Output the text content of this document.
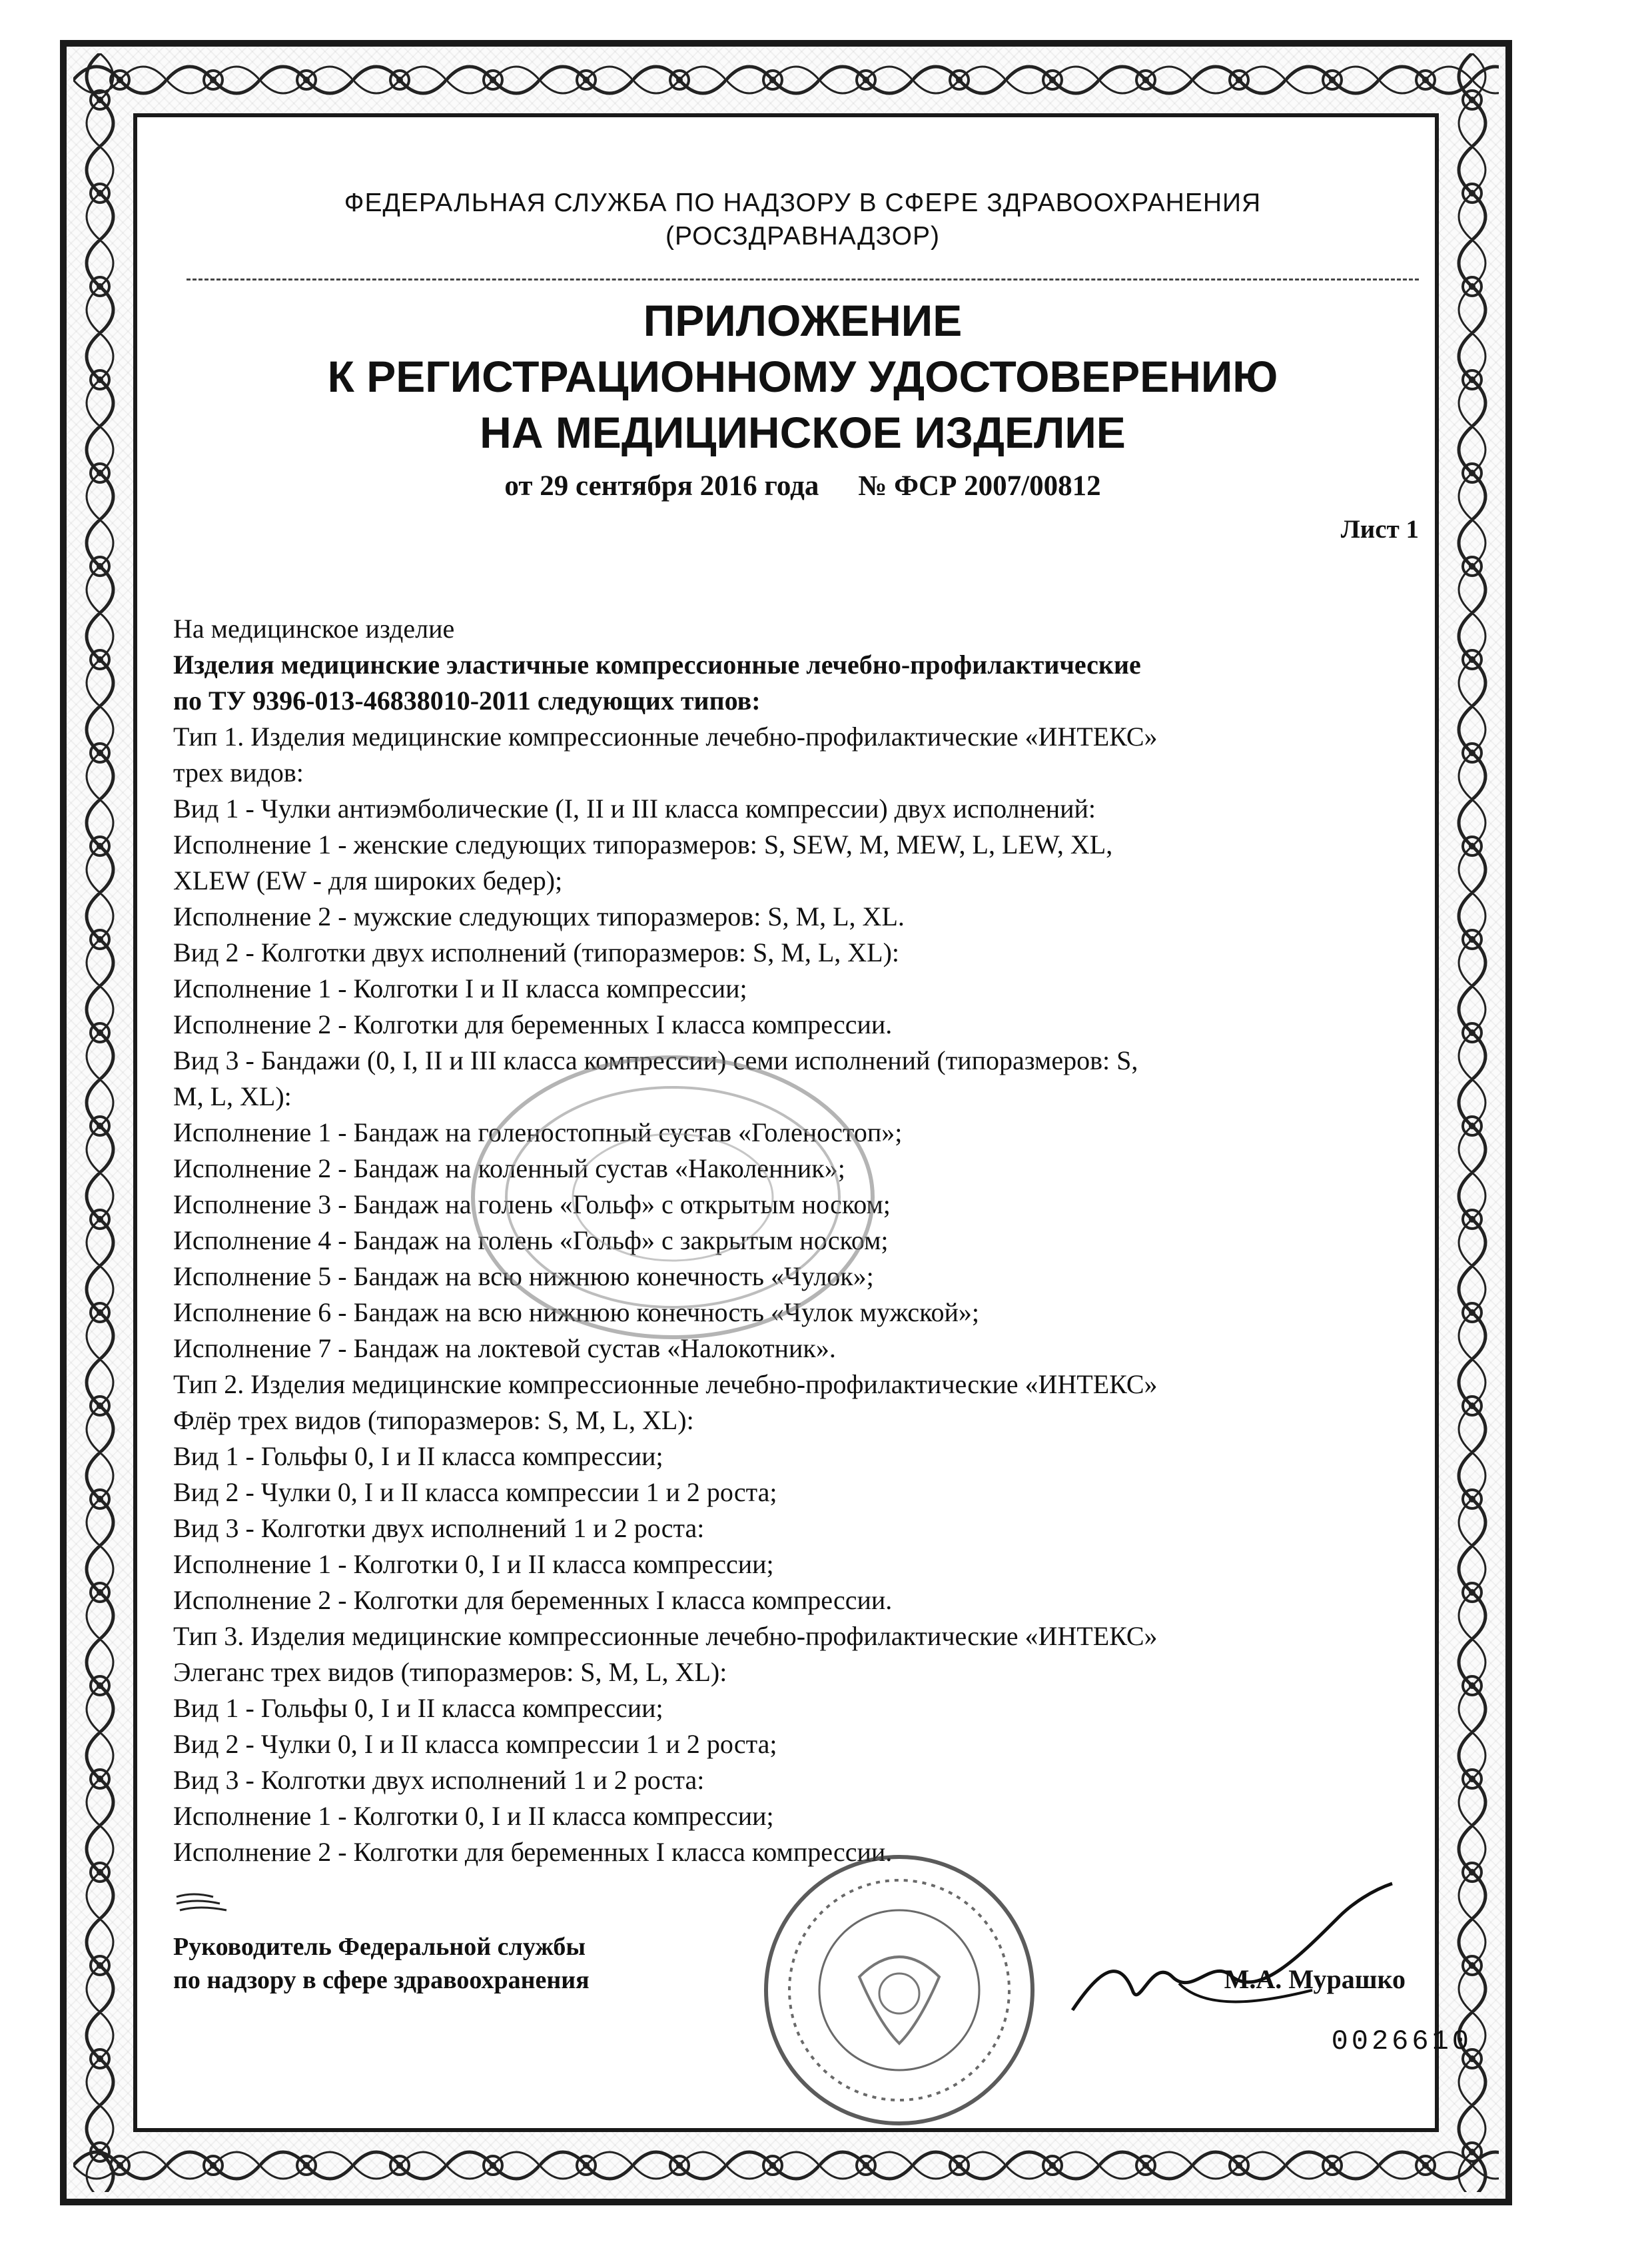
ФЕДЕРАЛЬНАЯ СЛУЖБА ПО НАДЗОРУ В СФЕРЕ ЗДРАВООХРАНЕНИЯ
(РОСЗДРАВНАДЗОР)
ПРИЛОЖЕНИЕ
К РЕГИСТРАЦИОННОМУ УДОСТОВЕРЕНИЮ
НА МЕДИЦИНСКОЕ ИЗДЕЛИЕ
от 29 сентября 2016 года № ФСР 2007/00812
Лист 1

На медицинское изделие

Изделия медицинские эластичные компрессионные лечебно-профилактические

по ТУ 9396-013-46838010-2011 следующих типов:

Тип 1. Изделия медицинские компрессионные лечебно-профилактические «ИНТЕКС»

трех видов:

Вид 1 - Чулки антиэмболические (I, II и III класса компрессии) двух исполнений:

Исполнение 1 - женские следующих типоразмеров: S, SEW, M, MEW, L, LEW, XL,

XLEW (EW - для широких бедер);

Исполнение 2 - мужские следующих типоразмеров: S, M, L, XL.

Вид 2 - Колготки двух исполнений (типоразмеров: S, M, L, XL):

Исполнение 1 - Колготки I и II класса компрессии;

Исполнение 2 - Колготки для беременных I класса компрессии.

Вид 3 - Бандажи (0, I, II и III класса компрессии) семи исполнений (типоразмеров: S,

M, L, XL):

Исполнение 1 - Бандаж на голеностопный сустав «Голеностоп»;

Исполнение 2 - Бандаж на коленный сустав «Наколенник»;

Исполнение 3 - Бандаж на голень «Гольф» с открытым носком;

Исполнение 4 - Бандаж на голень «Гольф» с закрытым носком;

Исполнение 5 - Бандаж на всю нижнюю конечность «Чулок»;

Исполнение 6 - Бандаж на всю нижнюю конечность «Чулок мужской»;

Исполнение 7 - Бандаж на локтевой сустав «Налокотник».

Тип 2. Изделия медицинские компрессионные лечебно-профилактические «ИНТЕКС»

Флёр трех видов (типоразмеров: S, M, L, XL):

Вид 1 - Гольфы 0, I и II класса компрессии;

Вид 2 - Чулки 0, I и II класса компрессии 1 и 2 роста;

Вид 3 - Колготки двух исполнений 1 и 2 роста:

Исполнение 1 - Колготки 0, I и II класса компрессии;

Исполнение 2 - Колготки для беременных I класса компрессии.

Тип 3. Изделия медицинские компрессионные лечебно-профилактические «ИНТЕКС»

Элеганс трех видов (типоразмеров: S, M, L, XL):

Вид 1 - Гольфы 0, I и II класса компрессии;

Вид 2 - Чулки 0, I и II класса компрессии 1 и 2 роста;

Вид 3 - Колготки двух исполнений 1 и 2 роста:

Исполнение 1 - Колготки 0, I и II класса компрессии;

Исполнение 2 - Колготки для беременных I класса компрессии.

Руководитель Федеральной службы
по надзору в сфере здравоохранения	М.А. Мурашко
0026610
